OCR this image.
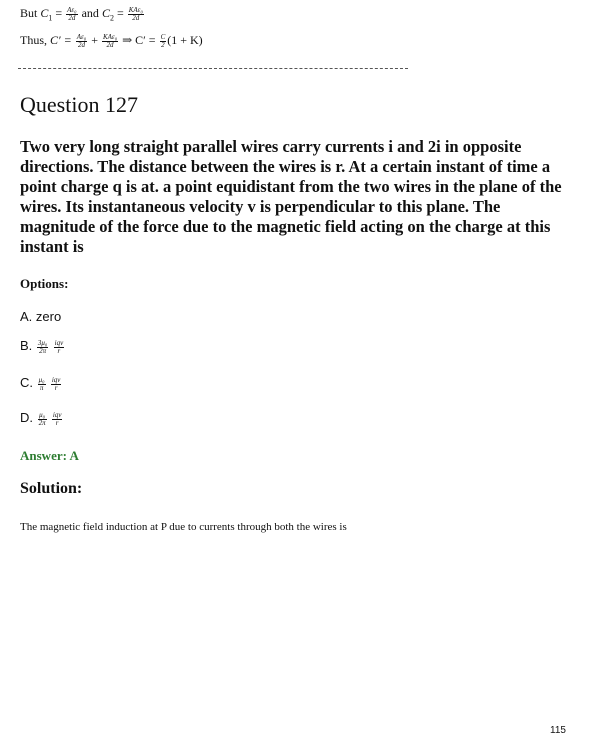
But $C_1 = \frac{\text{Aε₀}}{2d}$ and $C_2 = \frac{\text{KAε₀}}{2d}$
Thus, $C' = \frac{\text{Aε₀}}{2d} + \frac{\text{KAε₀}}{2d}$ ⇒ $C' = \frac{C}{2} (1 + K)$
Question 127

Two very long straight parallel wires carry currents i and 2i in opposite directions. The distance between the wires is r. At a certain instant of time a point charge q is at. a point equidistant from the two wires in the plane of the wires. Its instantaneous velocity v is perpendicular to this plane. The magnitude of the force due to the magnetic field acting on the charge at this instant is

Options:
A. zero
B. $\frac{\text{3μ₀}}{2\pi}$
$\frac{\text{iqv}}{r}$
C. $\frac{\text{μ₀}}{\pi}$
$\frac{\text{iqv}}{r}$
D. $\frac{\text{μ₀}}{2\pi}$
$\frac{\text{iqv}}{r}$
Answer: A
Solution:
The magnetic field induction at P due to currents through both the wires is
115
